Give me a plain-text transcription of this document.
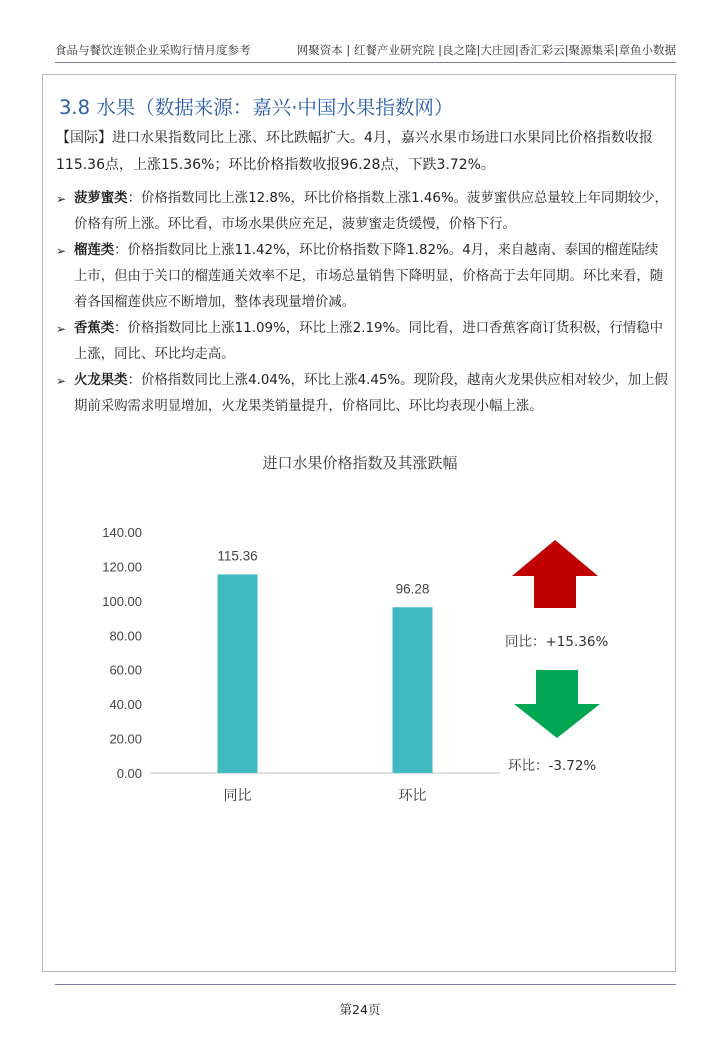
食品与餐饮连锁企业采购行情月度参考	网聚资本 | 红餐产业研究院 |良之隆|大庄园|香汇彩云|聚源集采|章鱼小数据
3.8 水果（数据来源：嘉兴·中国水果指数网）
【国际】进口水果指数同比上涨、环比跌幅扩大。4月，嘉兴水果市场进口水果同比价格指数收报115.36点，上涨15.36%；环比价格指数收报96.28点，下跌3.72%。
➢ 菠萝蜜类：价格指数同比上涨12.8%，环比价格指数上涨1.46%。菠萝蜜供应总量较上年同期较少，价格有所上涨。环比看，市场水果供应充足，菠萝蜜走货缓慢，价格下行。
➢ 榴莲类：价格指数同比上涨11.42%，环比价格指数下降1.82%。4月，来自越南、泰国的榴莲陆续上市，但由于关口的榴莲通关效率不足，市场总量销售下降明显，价格高于去年同期。环比来看，随着各国榴莲供应不断增加，整体表现量增价减。
➢ 香蕉类：价格指数同比上涨11.09%，环比上涨2.19%。同比看，进口香蕉客商订货积极，行情稳中上涨，同比、环比均走高。
➢ 火龙果类：价格指数同比上涨4.04%，环比上涨4.45%。现阶段，越南火龙果供应相对较少，加上假期前采购需求明显增加，火龙果类销量提升，价格同比、环比均表现小幅上涨。
进口水果价格指数及其涨跌幅
0.00
20.00
40.00
60.00
80.00
100.00
120.00
140.00
115.36
同比
96.28
环比
同比：+15.36%
环比：-3.72%
第24页
